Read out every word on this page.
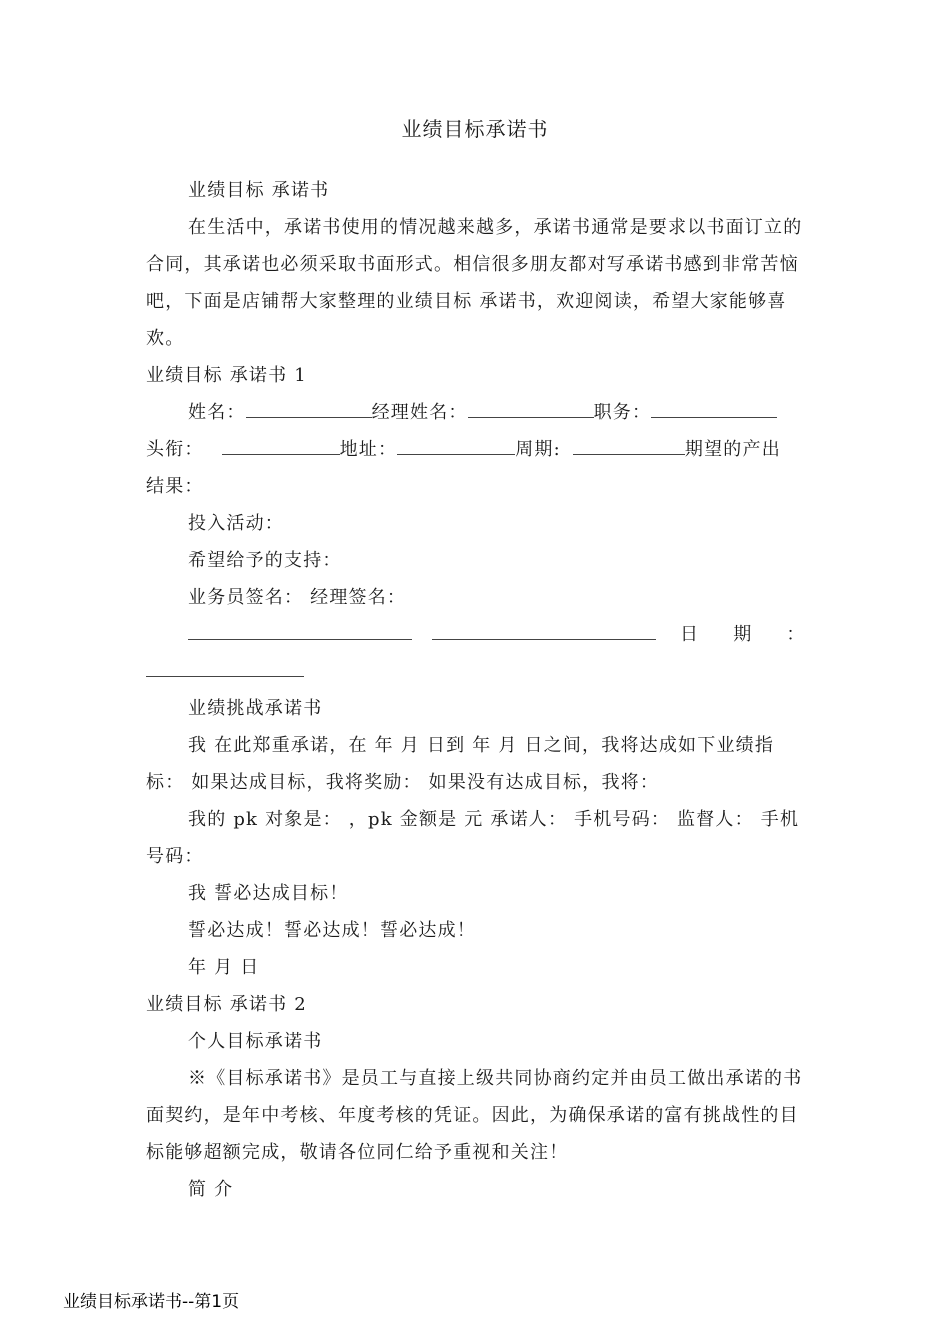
业绩目标承诺书

业绩目标 承诺书

在生活中，承诺书使用的情况越来越多，承诺书通常是要求以书面订立的合同，其承诺也必须采取书面形式。相信很多朋友都对写承诺书感到非常苦恼吧，下面是店铺帮大家整理的业绩目标 承诺书，欢迎阅读，希望大家能够喜欢。

业绩目标 承诺书 1

姓名：	经理姓名：	职务：

头衔：	地址：	周期:	期望的产出

结果：

投入活动：

希望给予的支持：

业务员签名： 经理签名：

日 期 ：

业绩挑战承诺书

我 在此郑重承诺，在 年 月 日到 年 月 日之间，我将达成如下业绩指标： 如果达成目标，我将奖励： 如果没有达成目标，我将：

我的 pk 对象是： ，pk 金额是 元 承诺人： 手机号码： 监督人： 手机号码：

我 誓必达成目标！

誓必达成！誓必达成！誓必达成！

年 月 日

业绩目标 承诺书 2

个人目标承诺书

※《目标承诺书》是员工与直接上级共同协商约定并由员工做出承诺的书面契约，是年中考核、年度考核的凭证。因此，为确保承诺的富有挑战性的目标能够超额完成，敬请各位同仁给予重视和关注！

简 介

业绩目标承诺书--第1页
